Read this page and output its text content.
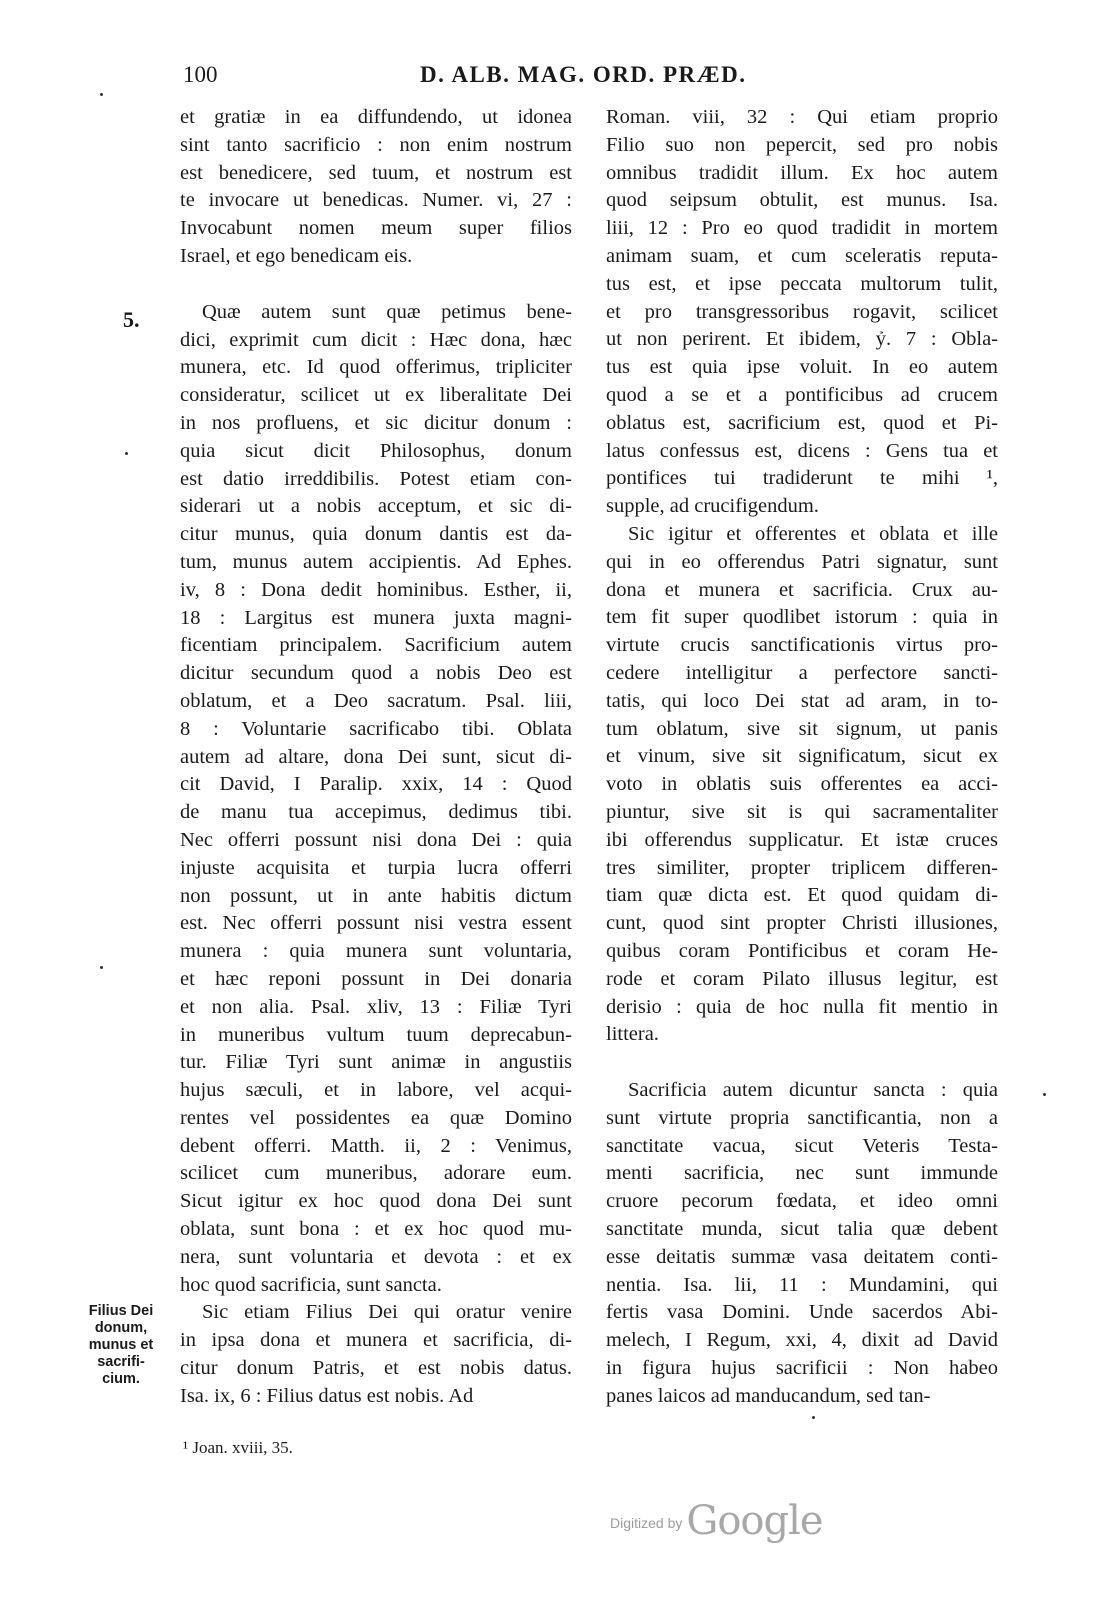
100	D. ALB. MAG. ORD. PRÆD.
5.
et gratiæ in ea diffundendo, ut idonea
sint tanto sacrificio : non enim nostrum
est benedicere, sed tuum, et nostrum est
te invocare ut benedicas. Numer. vi, 27 :
Invocabunt nomen meum super filios
Israel, et ego benedicam eis.
Quæ autem sunt quæ petimus bene-
dici, exprimit cum dicit : Hæc dona, hæc
munera, etc. Id quod offerimus, tripliciter
consideratur, scilicet ut ex liberalitate Dei
in nos profluens, et sic dicitur donum :
quia sicut dicit Philosophus, donum
est datio irreddibilis. Potest etiam con-
siderari ut a nobis acceptum, et sic di-
citur munus, quia donum dantis est da-
tum, munus autem accipientis. Ad Ephes.
iv, 8 : Dona dedit hominibus. Esther, ii,
18 : Largitus est munera juxta magni-
ficentiam principalem. Sacrificium autem
dicitur secundum quod a nobis Deo est
oblatum, et a Deo sacratum. Psal. liii,
8 : Voluntarie sacrificabo tibi. Oblata
autem ad altare, dona Dei sunt, sicut di-
cit David, I Paralip. xxix, 14 : Quod
de manu tua accepimus, dedimus tibi.
Nec offerri possunt nisi dona Dei : quia
injuste acquisita et turpia lucra offerri
non possunt, ut in ante habitis dictum
est. Nec offerri possunt nisi vestra essent
munera : quia munera sunt voluntaria,
et hæc reponi possunt in Dei donaria
et non alia. Psal. xliv, 13 : Filiæ Tyri
in muneribus vultum tuum deprecabun-
tur. Filiæ Tyri sunt animæ in angustiis
hujus sæculi, et in labore, vel acqui-
rentes vel possidentes ea quæ Domino
debent offerri. Matth. ii, 2 : Venimus,
scilicet cum muneribus, adorare eum.
Sicut igitur ex hoc quod dona Dei sunt
oblata, sunt bona : et ex hoc quod mu-
nera, sunt voluntaria et devota : et ex
hoc quod sacrificia, sunt sancta.
Sic etiam Filius Dei qui oratur venire
in ipsa dona et munera et sacrificia, di-
citur donum Patris, et est nobis datus.
Isa. ix, 6 : Filius datus est nobis. Ad
Roman. viii, 32 : Qui etiam proprio
Filio suo non pepercit, sed pro nobis
omnibus tradidit illum. Ex hoc autem
quod seipsum obtulit, est munus. Isa.
liii, 12 : Pro eo quod tradidit in mortem
animam suam, et cum sceleratis reputa-
tus est, et ipse peccata multorum tulit,
et pro transgressoribus rogavit, scilicet
ut non perirent. Et ibidem, ỷ. 7 : Obla-
tus est quia ipse voluit. In eo autem
quod a se et a pontificibus ad crucem
oblatus est, sacrificium est, quod et Pi-
latus confessus est, dicens : Gens tua et
pontifices tui tradiderunt te mihi ¹,
supple, ad crucifigendum.
Sic igitur et offerentes et oblata et ille
qui in eo offerendus Patri signatur, sunt
dona et munera et sacrificia. Crux au-
tem fit super quodlibet istorum : quia in
virtute crucis sanctificationis virtus pro-
cedere intelligitur a perfectore sancti-
tatis, qui loco Dei stat ad aram, in to-
tum oblatum, sive sit signum, ut panis
et vinum, sive sit significatum, sicut ex
voto in oblatis suis offerentes ea acci-
piuntur, sive sit is qui sacramentaliter
ibi offerendus supplicatur. Et istæ cruces
tres similiter, propter triplicem differen-
tiam quæ dicta est. Et quod quidam di-
cunt, quod sint propter Christi illusiones,
quibus coram Pontificibus et coram He-
rode et coram Pilato illusus legitur, est
derisio : quia de hoc nulla fit mentio in
littera.
Sacrificia autem dicuntur sancta : quia
sunt virtute propria sanctificantia, non a
sanctitate vacua, sicut Veteris Testa-
menti sacrificia, nec sunt immunde
cruore pecorum fœdata, et ideo omni
sanctitate munda, sicut talia quæ debent
esse deitatis summæ vasa deitatem conti-
nentia. Isa. lii, 11 : Mundamini, qui
fertis vasa Domini. Unde sacerdos Abi-
melech, I Regum, xxi, 4, dixit ad David
in figura hujus sacrificii : Non habeo
panes laicos ad manducandum, sed tan-
Filius Dei
donum,
munus et
sacrifi-
cium.
¹ Joan. xviii, 35.
Digitized by Google
